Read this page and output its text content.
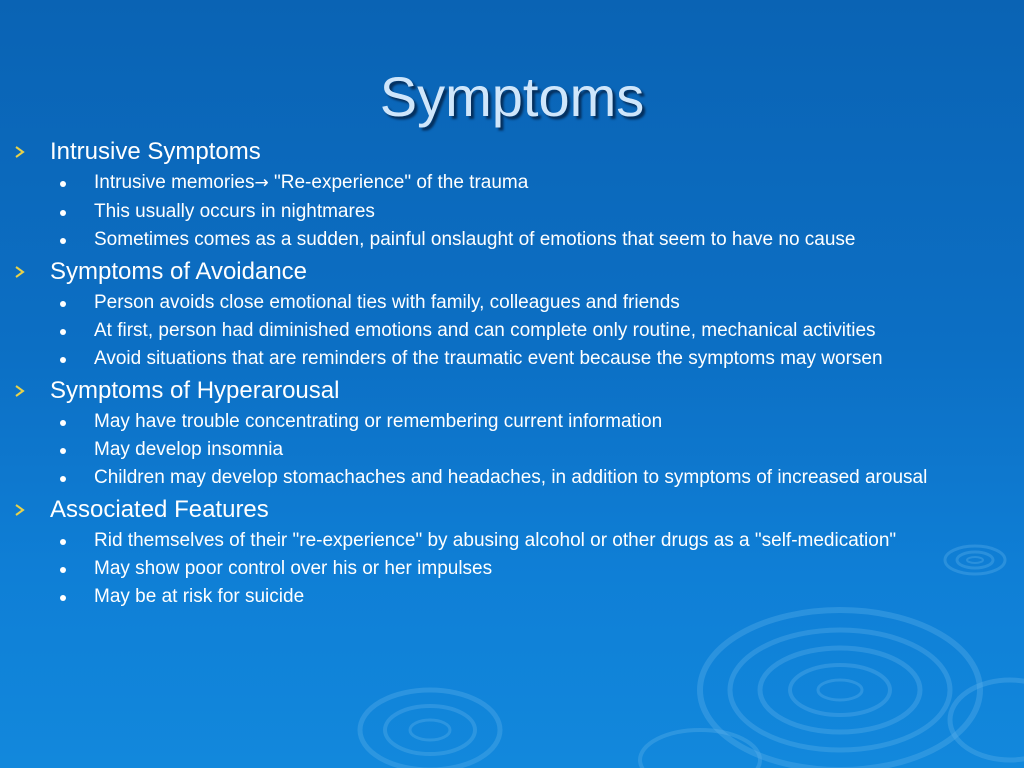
Symptoms
Intrusive Symptoms
Intrusive memories→ "Re-experience" of the trauma
This usually occurs in nightmares
Sometimes comes as a sudden, painful onslaught of emotions that seem to have no cause
Symptoms of Avoidance
Person avoids close emotional ties with family, colleagues and friends
At first, person had diminished emotions and can complete only routine, mechanical activities
Avoid situations that are reminders of the traumatic event because the symptoms may worsen
Symptoms of Hyperarousal
May have trouble concentrating or remembering current information
May develop insomnia
Children may develop stomachaches and headaches, in addition to symptoms of increased arousal
Associated Features
Rid themselves of their "re-experience" by abusing alcohol or other drugs as a "self-medication"
May show poor control over his or her impulses
May be at risk for suicide
